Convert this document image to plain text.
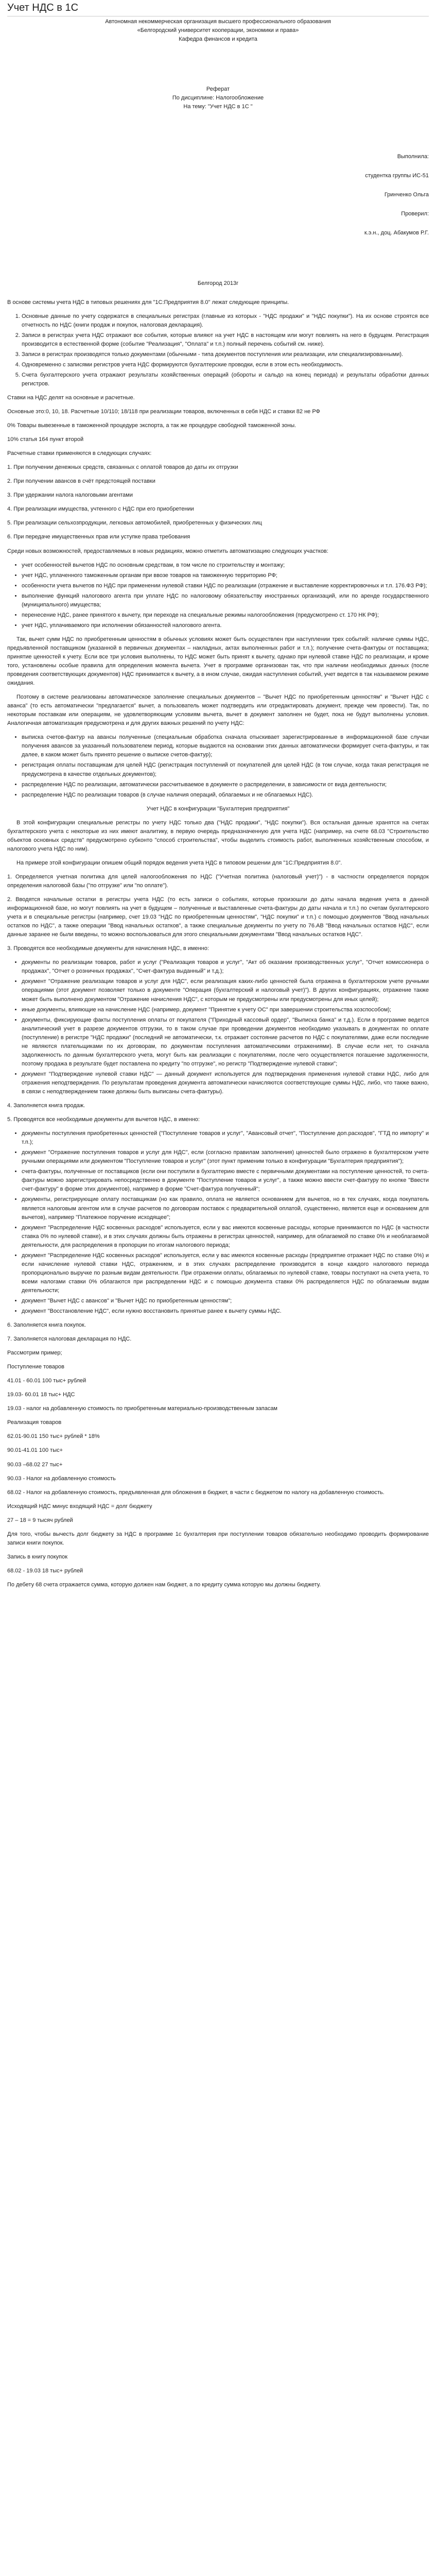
Учет НДС в 1С
Автономная некоммерческая организация высшего профессионального образования
«Белгородский университет кооперации, экономики и права»
Кафедра финансов и кредита
Реферат
По дисциплине: Налогообложение
На тему: "Учет НДС в 1С "
Выполнила:
студентка группы ИС-51
Гринченко Ольга
Проверил:
к.э.н., доц. Абакумов Р.Г.
Белгород 2013г

В основе системы учета НДС в типовых решениях для "1С:Предприятия 8.0" лежат следующие принципы.

1. Основные данные по учету содержатся в специальных регистрах (главные из которых - "НДС продажи" и "НДС покупки"). На их основе строятся все отчетность по НДС (книги продаж и покупок, налоговая декларация).
2. Записи в регистрах учета НДС отражают все события, которые влияют на учет НДС в настоящем или могут повлиять на него в будущем. Регистрация производится в естественной форме (событие "Реализация", "Оплата" и т.п.) полный перечень событий см. ниже).
3. Записи в регистрах производятся только документами (обычными - типа документов поступления или реализации, или специализированными).
4. Одновременно с записями регистров учета НДС формируются бухгалтерские проводки, если в этом есть необходимость.
5. Счета бухгалтерского учета отражают результаты хозяйственных операций (обороты и сальдо на конец периода) и результаты обработки данных регистров.

Ставки на НДС делят на основные и расчетные.

Основные это:0, 10, 18. Расчетные 10/110; 18/118 при реализации товаров, включенных в себя НДС и ставки 82 не РФ

0% Товары вывезенные в таможенной процедуре экспорта, а так же процедуре свободной таможенной зоны.

10% статья 164 пункт второй

Расчетные ставки применяются в следующих случаях:

1. При получении денежных средств, связанных с оплатой товаров до даты их отгрузки

2. При получении авансов в счёт предстоящей поставки

3. При удержании налога налоговыми агентами

4. При реализации имущества, учтенного с НДС при его приобретении

5. При реализации сельхозпродукции, легковых автомобилей, приобретенных у физических лиц

6. При передаче имущественных прав или уступке права требования

Среди новых возможностей, предоставляемых в новых редакциях, можно отметить автоматизацию следующих участков:

• учет особенностей вычетов НДС по основным средствам, в том числе по строительству и монтажу;
• учет НДС, уплаченного таможенным органам при ввозе товаров на таможенную территорию РФ;
• особенности учета вычетов по НДС при применении нулевой ставки НДС по реализации (отражение и выставление корректировочных и т.п. 176.ФЗ РФ);
• выполнение функций налогового агента при уплате НДС по налоговому обязательству иностранных организаций, или по аренде государственного (муниципального) имущества;
• перенесение НДС, ранее принятого к вычету, при переходе на специальные режимы налогообложения (предусмотрено ст. 170 НК РФ);
• учет НДС, уплачиваемого при исполнении обязанностей налогового агента.

Так, вычет сумм НДС по приобретенным ценностям в обычных условиях может быть осуществлен при наступлении трех событий: наличие суммы НДС, предъявленной поставщиком (указанной в первичных документах – накладных, актах выполненных работ и т.п.); получение счета-фактуры от поставщика; принятие ценностей к учету. Если все три условия выполнены, то НДС может быть принят к вычету, однако при нулевой ставке НДС по реализации, и кроме того, установлены особые правила для определения момента вычета. Учет в программе организован так, что при наличии необходимых данных (после проведения соответствующих документов) НДС принимается к вычету, а в ином случае, ожидая наступления событий, учет ведется в так называемом режиме ожидания.

Поэтому в системе реализованы автоматическое заполнение специальных документов – "Вычет НДС по приобретенным ценностям" и "Вычет НДС с аванса" (то есть автоматически "предлагается" вычет, а пользователь может подтвердить или отредактировать документ, прежде чем провести). Так, по некоторым поставкам или операциям, не удовлетворяющим условиям вычета, вычет в документ заполнен не будет, пока не будут выполнены условия. Аналогичная автоматизация предусмотрена и для других важных решений по учету НДС:

• выписка счетов-фактур на авансы полученные (специальным обработка сначала отыскивает зарегистрированные в информационной базе случаи получения авансов за указанный пользователем период, которые выдаются на основании этих данных автоматически формирует счета-фактуры, и так далее, в каком может быть принято решение о выписке счетов-фактур);
• регистрация оплаты поставщикам для целей НДС (регистрация поступлений от покупателей для целей НДС (в том случае, когда такая регистрация не предусмотрена в качестве отдельных документов);
• распределение НДС по реализации, автоматически рассчитываемое в документе о распределении, в зависимости от вида деятельности;
• распределение НДС по реализации товаров (в случае наличия операций, облагаемых и не облагаемых НДС).

Учет НДС в конфигурации "Бухгалтерия предприятия"

В этой конфигурации специальные регистры по учету НДС только два ("НДС продажи", "НДС покупки"). Вся остальная данные хранятся на счетах бухгалтерского учета с некоторые из них имеют аналитику, в первую очередь предназначенную для учета НДС (например, на счете 68.03 "Строительство объектов основных средств" предусмотрено субконто "способ строительства", чтобы выделить стоимость работ, выполненных хозяйственным способом, и налогового учета НДС по ним).

На примере этой конфигурации опишем общий порядок ведения учета НДС в типовом решении для "1С:Предприятия 8.0".

1. Определяется учетная политика для целей налогообложения по НДС ("Учетная политика (налоговый учет)") - в частности определяется порядок определения налоговой базы ("по отгрузке" или "по оплате").

2. Вводятся начальные остатки в регистры учета НДС (то есть записи о событиях, которые произошли до даты начала ведения учета в данной информационной базе, но могут повлиять на учет в будущем – полученные и выставленные счета-фактуры до даты начала и т.п.) по счетам бухгалтерского учета и в специальные регистры (например, счет 19.03 "НДС по приобретенным ценностям", "НДС покупки" и т.п.) с помощью документов "Ввод начальных остатков по НДС", а также операции "Ввод начальных остатков", а также специальные документы по учету по 76.АВ "Ввод начальных остатков НДС", если данные заранее не были введены, то можно воспользоваться для этого специальными документами "Ввод начальных остатков НДС".

3. Проводятся все необходимые документы для начисления НДС, в именно:

• документы по реализации товаров, работ и услуг ("Реализация товаров и услуг", "Акт об оказании производственных услуг", "Отчет комиссионера о продажах", "Отчет о розничных продажах", "Счет-фактура выданный" и т.д.);
• документ "Отражение реализации товаров и услуг для НДС", если реализация каких-либо ценностей была отражена в бухгалтерском учете ручными операциями (этот документ позволяет только в документе "Операция (бухгалтерский и налоговый учет)"). В других конфигурациях, отражение также может быть выполнено документом "Отражение начисления НДС", с которым не предусмотрены или предусмотрены для иных целей);
• иные документы, влияющие на начисление НДС (например, документ "Принятие к учету ОС" при завершении строительства хозспособом);
• документы, фиксирующие факты поступления оплаты от покупателя ("Приходный кассовый ордер", "Выписка банка" и т.д.). Если в программе ведется аналитический учет в разрезе документов отгрузки, то в таком случае при проведении документов необходимо указывать в документах по оплате (поступление) в регистре "НДС продажи" (последний не автоматически, т.к. отражает состояние расчетов по НДС с покупателями, даже если последние не являются плательщиками по их договорам, по документам поступления автоматическими отражениями). В случае если нет, то сначала задолженность по данным бухгалтерского учета, могут быть как реализации с покупателями, после чего осуществляется погашение задолженности, поэтому продажа в результате будет поставлена по кредиту "по отгрузке", но регистр "Подтверждение нулевой ставки";
• документ "Подтверждение нулевой ставки НДС" — данный документ используется для подтверждения применения нулевой ставки НДС, либо для отражения неподтверждения. По результатам проведения документа автоматически начисляются соответствующие суммы НДС, либо, что также важно, в связи с неподтверждением также должны быть выписаны счета-фактуры).

4. Заполняется книга продаж.

5. Проводятся все необходимые документы для вычетов НДС, в именно:

• документы поступления приобретенных ценностей ("Поступление товаров и услуг", "Авансовый отчет", "Поступление доп.расходов", "ГТД по импорту" и т.п.);
• документ "Отражение поступления товаров и услуг для НДС", если (согласно правилам заполнения) ценностей было отражено в бухгалтерском учете ручными операциями или документом "Поступление товаров и услуг" (этот пункт применим только в конфигурации "Бухгалтерия предприятия");
• счета-фактуры, полученные от поставщиков (если они поступили в бухгалтерию вместе с первичными документами на поступление ценностей, то счета-фактуры можно зарегистрировать непосредственно в документе "Поступление товаров и услуг", а также можно ввести счет-фактуру по кнопке "Ввести счет-фактуру" в форме этих документов), например в форме "Счет-фактура полученный";
• документы, регистрирующие оплату поставщикам (но как правило, оплата не является основанием для вычетов, но в тех случаях, когда покупатель является налоговым агентом или в случае расчетов по договорам поставок с предварительной оплатой, существенно, является еще и основанием для вычетов), например "Платежное поручение исходящее";
• документ "Распределение НДС косвенных расходов" используется, если у вас имеются косвенные расходы, которые принимаются по НДС (в частности ставка 0% по нулевой ставке), и в этих случаях должны быть отражены в регистрах ценностей, например, для облагаемой по ставке 0% и необлагаемой деятельности, для распределения в пропорции по итогам налогового периода;
• документ "Распределение НДС косвенных расходов" используется, если у вас имеются косвенные расходы (предприятие отражает НДС по ставке 0%) и если начисление нулевой ставки НДС, отражением, и в этих случаях распределение производится в конце каждого налогового периода пропорционально выручке по разным видам деятельности. При отражении оплаты, облагаемых по нулевой ставке, товары поступают на счета учета, то всеми налогами ставки 0% облагаются при распределении НДС и с помощью документа ставки 0% распределяется НДС по облагаемым видам деятельности;
• документ "Вычет НДС с авансов" и "Вычет НДС по приобретенным ценностям";
• документ "Восстановление НДС", если нужно восстановить принятые ранее к вычету суммы НДС.

6. Заполняется книга покупок.

7. Заполняется налоговая декларация по НДС.

Рассмотрим пример;

Поступление товаров

41.01 - 60.01 100 тыс+ рублей

19.03- 60.01 18 тыс+ НДС

19.03 - налог на добавленную стоимость по приобретенным материально-производственным запасам

Реализация товаров

62.01-90.01 150 тыс+ рублей * 18%

90.01-41.01 100 тыс+

90.03 –68.02 27 тыс+

90.03 - Налог на добавленную стоимость

68.02 - Налог на добавленную стоимость, предъявленная для обложения в бюджет, в части с бюджетом по налогу на добавленную стоимость.

Исходящий НДС минус входящий НДС = долг бюджету

27 – 18 = 9 тысяч рублей

Для того, чтобы вычесть долг бюджету за НДС в программе 1с бухгалтерия при поступлении товаров обязательно необходимо проводить формирование записи книги покупок.

Запись в книгу покупок

68.02 - 19.03 18 тыс+ рублей

По дебету 68 счета отражается сумма, которую должен нам бюджет, а по кредиту сумма которую мы должны бюджету.
